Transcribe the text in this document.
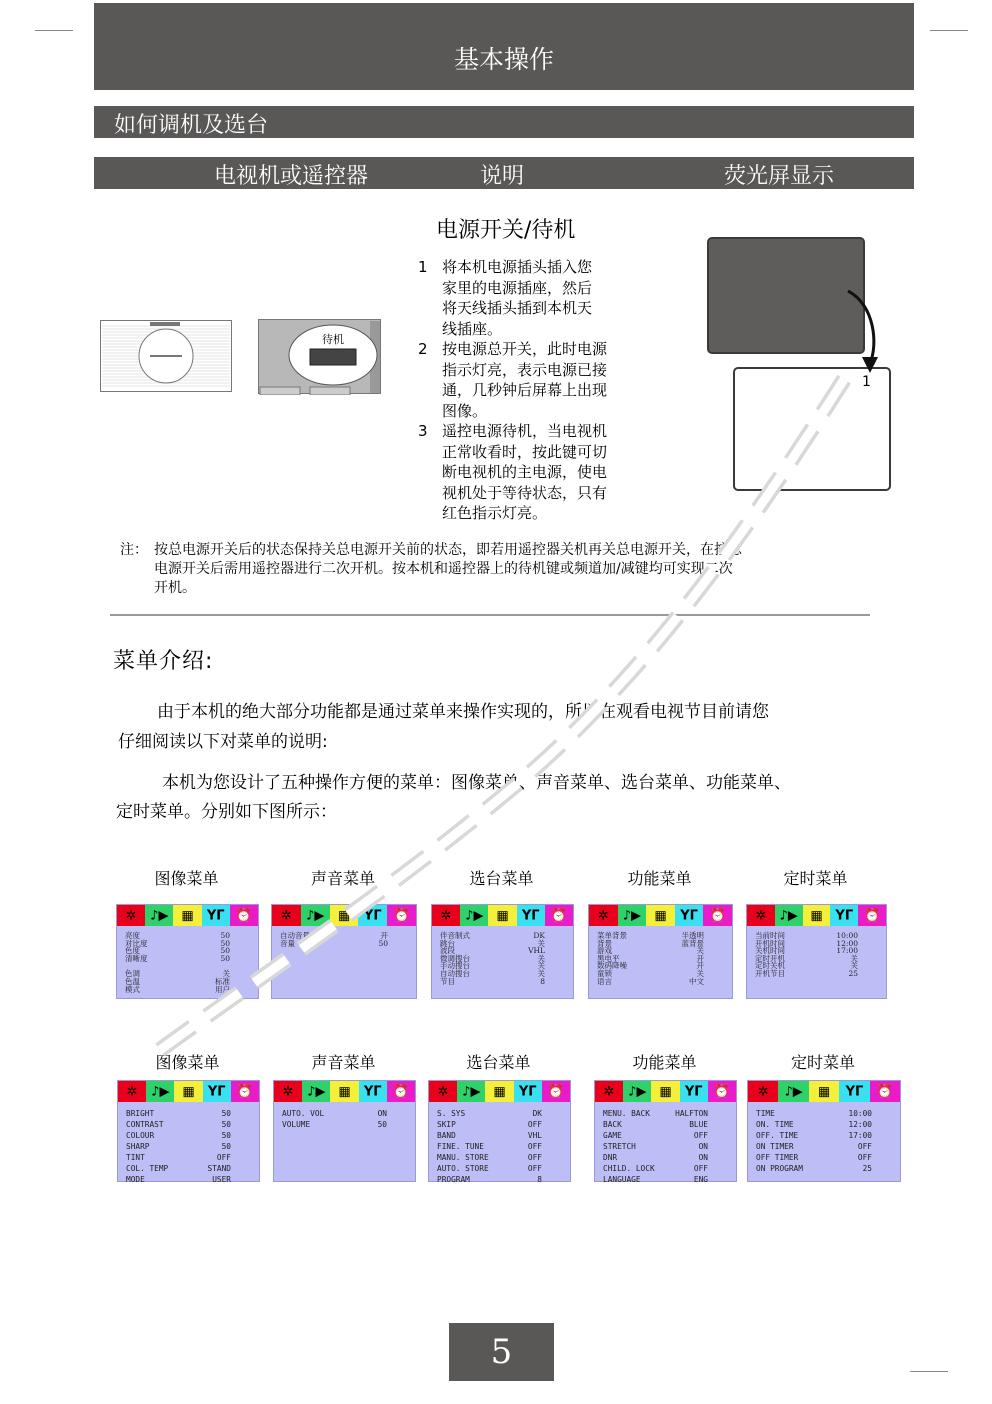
基本操作
如何调机及选台
电视机或遥控器	说明	荧光屏显示
待机
电源开关/待机
1 将本机电源插头插入您
家里的电源插座，然后
将天线插头插到本机天
线插座。
2 按电源总开关，此时电源
指示灯亮，表示电源已接
通，几秒钟后屏幕上出现
图像。
3 遥控电源待机，当电视机
正常收看时，按此键可切
断电视机的主电源，使电
视机处于等待状态，只有
红色指示灯亮。
1
注： 按总电源开关后的状态保持关总电源开关前的状态，即若用遥控器关机再关总电源开关，在按总
电源开关后需用遥控器进行二次开机。按本机和遥控器上的待机键或频道加/减键均可实现二次
开机。
菜单介绍:
由于本机的绝大部分功能都是通过菜单来操作实现的，所以在观看电视节目前请您
仔细阅读以下对菜单的说明:
本机为您设计了五种操作方便的菜单：图像菜单、声音菜单、选台菜单、功能菜单、
定时菜单。分别如下图所示：
图像菜单
✲ ♪▶ ▦ ΥΓ ⏰
亮度	50
对比度	50
色度	50
清晰度	50
色调	关
色温	标准
模式	用户
声音菜单
✲ ♪▶ ▦ ΥΓ ⏰
自动音量	开
音量	50
选台菜单
✲ ♪▶ ▦ ΥΓ ⏰
伴音制式	DK
跳台	关
波段	VHL
微调搜台	关
手动搜台	关
自动搜台	关
节目	8
功能菜单
✲ ♪▶ ▦ ΥΓ ⏰
菜单背景	半透明
背景	蓝背景
游戏	关
黑电平	开
数码降噪	开
童锁	关
语言	中文
定时菜单
✲ ♪▶ ▦ ΥΓ ⏰
当前时间	10:00
开机时间	12:00
关机时间	17:00
定时开机	关
定时关机	关
开机节目	25
图像菜单
✲ ♪▶ ▦ ΥΓ ⏰
BRIGHT	50
CONTRAST	50
COLOUR	50
SHARP	50
TINT	OFF
COL. TEMP	STAND
MODE	USER
声音菜单
✲ ♪▶ ▦ ΥΓ ⏰
AUTO. VOL	ON
VOLUME	50
选台菜单
✲ ♪▶ ▦ ΥΓ ⏰
S. SYS	DK
SKIP	OFF
BAND	VHL
FINE. TUNE	OFF
MANU. STORE	OFF
AUTO. STORE	OFF
PROGRAM	8
功能菜单
✲ ♪▶ ▦ ΥΓ ⏰
MENU. BACK	HALFTON
BACK	BLUE
GAME	OFF
STRETCH	ON
DNR	ON
CHILD. LOCK	OFF
LANGUAGE	ENG
定时菜单
✲ ♪▶ ▦ ΥΓ ⏰
TIME	10:00
ON. TIME	12:00
OFF. TIME	17:00
ON TIMER	OFF
OFF TIMER	OFF
ON PROGRAM	25
5
